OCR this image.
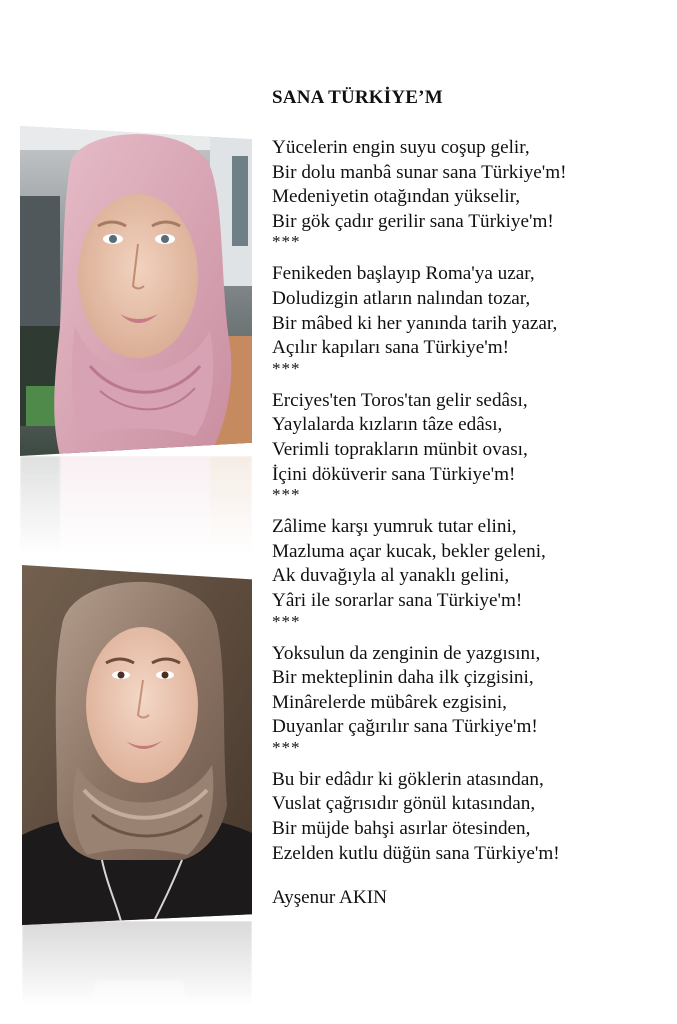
SANA TÜRKİYE’M
Yücelerin engin suyu coşup gelir,
Bir dolu manbâ sunar sana Türkiye'm!
Medeniyetin otağından yükselir,
Bir gök çadır gerilir sana Türkiye'm!
***
Fenikeden başlayıp Roma'ya uzar,
Doludizgin atların nalından tozar,
Bir mâbed ki her yanında tarih yazar,
Açılır kapıları sana Türkiye'm!
***
Erciyes'ten Toros'tan gelir sedâsı,
Yaylalarda kızların tâze edâsı,
Verimli toprakların münbit ovası,
İçini döküverir sana Türkiye'm!
***
Zâlime karşı yumruk tutar elini,
Mazluma açar kucak, bekler geleni,
Ak duvağıyla al yanaklı gelini,
Yâri ile sorarlar sana Türkiye'm!
***
Yoksulun da zenginin de yazgısını,
Bir mekteplinin daha ilk çizgisini,
Minârelerde mübârek ezgisini,
Duyanlar çağırılır sana Türkiye'm!
***
Bu bir edâdır ki göklerin atasından,
Vuslat çağrısıdır gönül kıtasından,
Bir müjde bahşi asırlar ötesinden,
Ezelden kutlu düğün sana Türkiye'm!
Ayşenur AKIN
